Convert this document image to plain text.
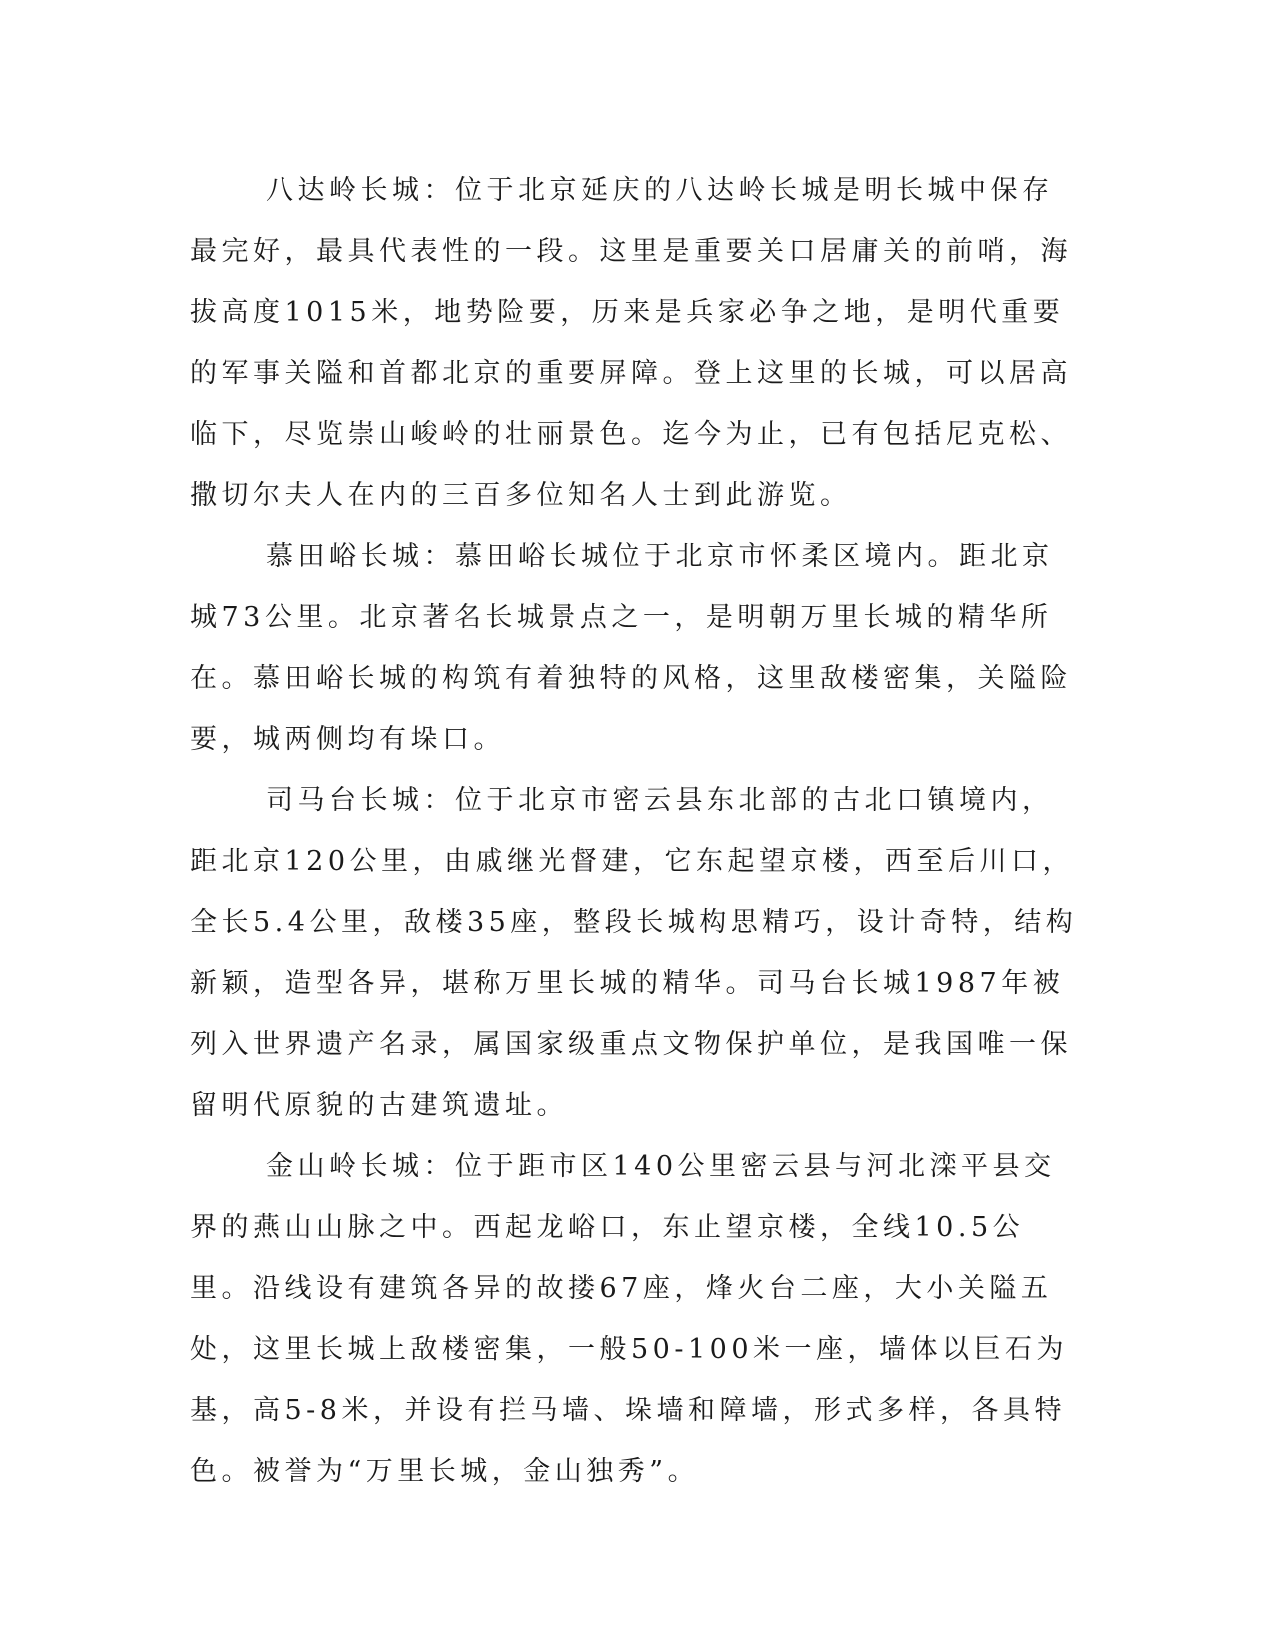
八达岭长城：位于北京延庆的八达岭长城是明长城中保存最完好，最具代表性的一段。这里是重要关口居庸关的前哨，海拔高度1015米，地势险要，历来是兵家必争之地，是明代重要的军事关隘和首都北京的重要屏障。登上这里的长城，可以居高临下，尽览崇山峻岭的壮丽景色。迄今为止，已有包括尼克松、撒切尔夫人在内的三百多位知名人士到此游览。

慕田峪长城：慕田峪长城位于北京市怀柔区境内。距北京城73公里。北京著名长城景点之一，是明朝万里长城的精华所在。慕田峪长城的构筑有着独特的风格，这里敌楼密集，关隘险要，城两侧均有垛口。

司马台长城：位于北京市密云县东北部的古北口镇境内，距北京120公里，由戚继光督建，它东起望京楼，西至后川口，全长5.4公里，敌楼35座，整段长城构思精巧，设计奇特，结构新颖，造型各异，堪称万里长城的精华。司马台长城1987年被列入世界遗产名录，属国家级重点文物保护单位，是我国唯一保留明代原貌的古建筑遗址。

金山岭长城：位于距市区140公里密云县与河北滦平县交界的燕山山脉之中。西起龙峪口，东止望京楼，全线10.5公里。沿线设有建筑各异的故搂67座，烽火台二座，大小关隘五处，这里长城上敌楼密集，一般50-100米一座，墙体以巨石为基，高5-8米，并设有拦马墙、垛墙和障墙，形式多样，各具特色。被誉为“万里长城，金山独秀”。
